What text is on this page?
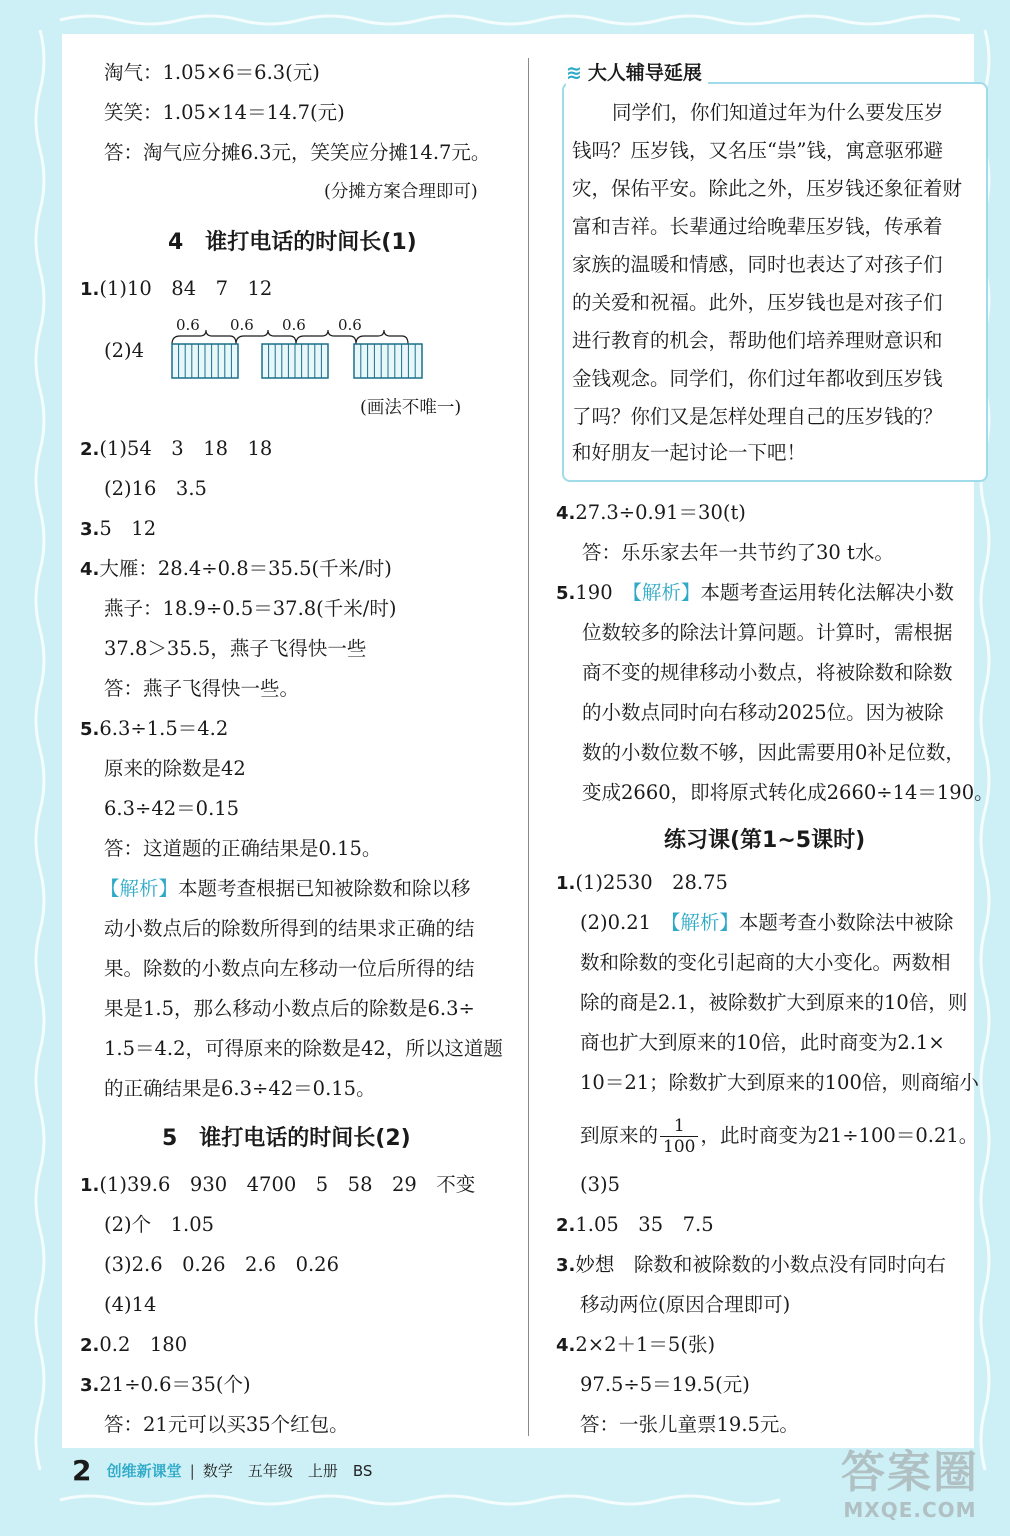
淘气：1.05×6＝6.3(元)
笑笑：1.05×14＝14.7(元)
答：淘气应分摊6.3元，笑笑应分摊14.7元。
(分摊方案合理即可)
4　谁打电话的时间长(1)
1.(1)10　84　7　12
(2)4
0.6 0.6 0.6 0.6
(画法不唯一)
2.(1)54　3　18　18
(2)16　3.5
3.5　12
4.大雁：28.4÷0.8＝35.5(千米/时)
燕子：18.9÷0.5＝37.8(千米/时)
37.8＞35.5，燕子飞得快一些
答：燕子飞得快一些。
5.6.3÷1.5＝4.2
原来的除数是42
6.3÷42＝0.15
答：这道题的正确结果是0.15。
【解析】本题考查根据已知被除数和除以移
动小数点后的除数所得到的结果求正确的结
果。除数的小数点向左移动一位后所得的结
果是1.5，那么移动小数点后的除数是6.3÷
1.5＝4.2，可得原来的除数是42，所以这道题
的正确结果是6.3÷42＝0.15。
5　谁打电话的时间长(2)
1.(1)39.6　930　4700　5　58　29　不变
(2)个　1.05
(3)2.6　0.26　2.6　0.26
(4)14
2.0.2　180
3.21÷0.6＝35(个)
答：21元可以买35个红包。
≋ 大人辅导延展
同学们，你们知道过年为什么要发压岁
钱吗？压岁钱，又名压“祟”钱，寓意驱邪避
灾，保佑平安。除此之外，压岁钱还象征着财
富和吉祥。长辈通过给晚辈压岁钱，传承着
家族的温暖和情感，同时也表达了对孩子们
的关爱和祝福。此外，压岁钱也是对孩子们
进行教育的机会，帮助他们培养理财意识和
金钱观念。同学们，你们过年都收到压岁钱
了吗？你们又是怎样处理自己的压岁钱的？
和好朋友一起讨论一下吧！
4.27.3÷0.91＝30(t)
答：乐乐家去年一共节约了30 t水。
5.190　 【解析】本题考查运用转化法解决小数
位数较多的除法计算问题。计算时，需根据
商不变的规律移动小数点，将被除数和除数
的小数点同时向右移动2025位。因为被除
数的小数位数不够，因此需要用0补足位数，
变成2660，即将原式转化成2660÷14＝190。
练习课(第1~5课时)
1.(1)2530　28.75
(2)0.21　 【解析】本题考查小数除法中被除
数和除数的变化引起商的大小变化。两数相
除的商是2.1，被除数扩大到原来的10倍，则
商也扩大到原来的10倍，此时商变为2.1×
10＝21；除数扩大到原来的100倍，则商缩小
到原来的 $\frac{1}{100}$ ，此时商变为21÷100＝0.21。
(3)5
2.1.05　35　7.5
3.妙想　除数和被除数的小数点没有同时向右
移动两位(原因合理即可)
4.2×2＋1＝5(张)
97.5÷5＝19.5(元)
答：一张儿童票19.5元。
2 创维新课堂 | 数学　五年级　上册　BS	答案圈
MXQE.COM
